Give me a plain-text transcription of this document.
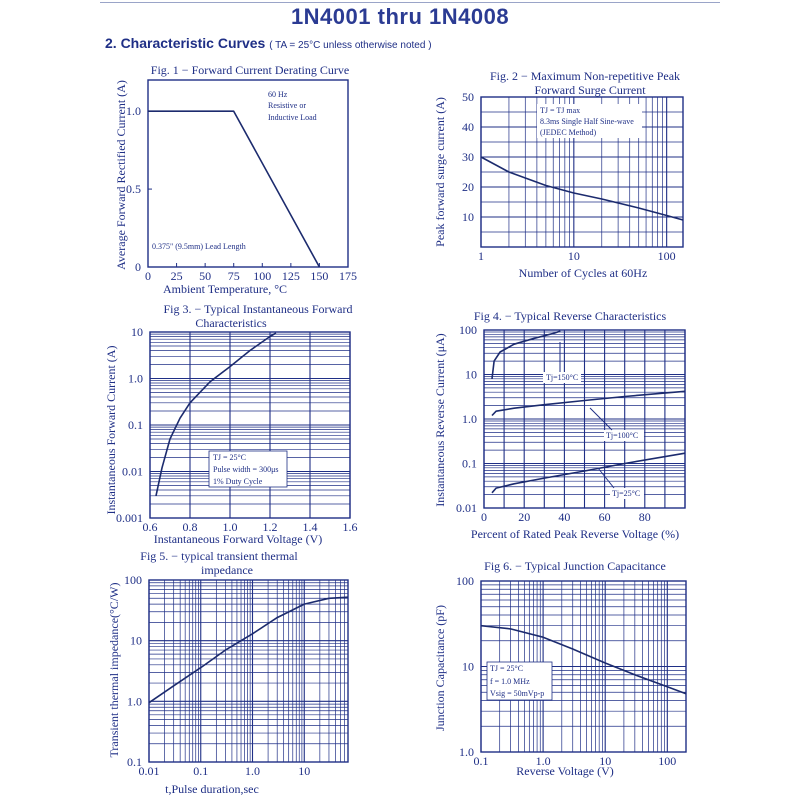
1N4001 thru 1N4008
2. Characteristic Curves ( TA = 25°C unless otherwise noted )
0 25 50 75 100 125 150 175
0
0.5
1.0
Fig. 1 − Forward Current Derating Curve
Ambient Temperature, °C
Average Forward Rectified Current (A)	60 Hz
Resistive or
Inductive Load
0.375" (9.5mm) Lead Length
1	10	100
10
20
30
40
50
Fig. 2 − Maximum Non-repetitive Peak
Forward Surge Current
Number of Cycles at 60Hz
Peak forward surge current (A)	TJ = TJ max
8.3ms Single Half Sine-wave
(JEDEC Method)
0.6 0.8 1.0 1.2 1.4 1.6
0.001
0.01
0.1
1.0
10
Fig 3. − Typical Instantaneous Forward
Characteristics
Instantaneous Forward Voltage (V)
Instantaneous Forward Current (A)	TJ = 25°C
Pulse width = 300μs
1% Duty Cycle
0	20 40 60 80
0.01
0.1
1.0
10
100
Fig 4. − Typical Reverse Characteristics
Percent of Rated Peak Reverse Voltage (%)
Instantaneous Reverse Current (μA)	Tj=150°C
Tj=100°C
Tj=25°C
0.01	0.1	1.0	10
0.1
1.0
10
100
Fig 5. − typical transient thermal
impedance
t,Pulse duration,sec
Transient thermal impedance(°C/W)
0.1	1.0	10	100
1.0
10
100
Fig 6. − Typical Junction Capacitance
Reverse Voltage (V)
Junction Capacitance (pF)	TJ = 25°C
f = 1.0 MHz
Vsig = 50mVp-p
